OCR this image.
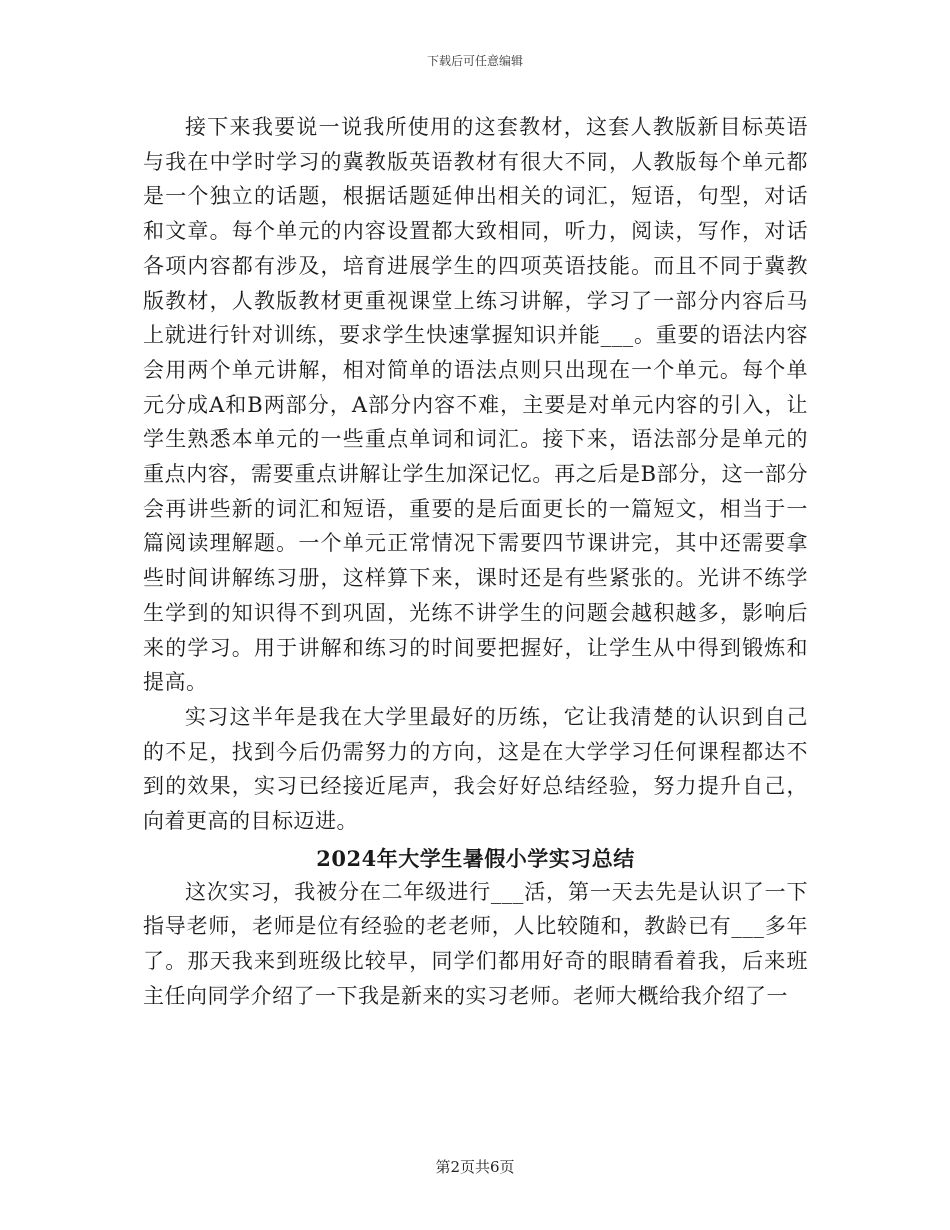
下载后可任意编辑

接下来我要说一说我所使用的这套教材，这套人教版新目标英语与我在中学时学习的冀教版英语教材有很大不同，人教版每个单元都是一个独立的话题，根据话题延伸出相关的词汇，短语，句型，对话和文章。每个单元的内容设置都大致相同，听力，阅读，写作，对话各项内容都有涉及，培育进展学生的四项英语技能。而且不同于冀教版教材，人教版教材更重视课堂上练习讲解，学习了一部分内容后马上就进行针对训练，要求学生快速掌握知识并能___。重要的语法内容会用两个单元讲解，相对简单的语法点则只出现在一个单元。每个单元分成A和B两部分，A部分内容不难，主要是对单元内容的引入，让学生熟悉本单元的一些重点单词和词汇。接下来，语法部分是单元的重点内容，需要重点讲解让学生加深记忆。再之后是B部分，这一部分会再讲些新的词汇和短语，重要的是后面更长的一篇短文，相当于一篇阅读理解题。一个单元正常情况下需要四节课讲完，其中还需要拿些时间讲解练习册，这样算下来，课时还是有些紧张的。光讲不练学生学到的知识得不到巩固，光练不讲学生的问题会越积越多，影响后来的学习。用于讲解和练习的时间要把握好，让学生从中得到锻炼和提高。

实习这半年是我在大学里最好的历练，它让我清楚的认识到自己的不足，找到今后仍需努力的方向，这是在大学学习任何课程都达不到的效果，实习已经接近尾声，我会好好总结经验，努力提升自己，向着更高的目标迈进。

2024年大学生暑假小学实习总结

这次实习，我被分在二年级进行___活，第一天去先是认识了一下指导老师，老师是位有经验的老老师，人比较随和，教龄已有___多年了。那天我来到班级比较早，同学们都用好奇的眼睛看着我，后来班主任向同学介绍了一下我是新来的实习老师。老师大概给我介绍了一

第2页共6页
